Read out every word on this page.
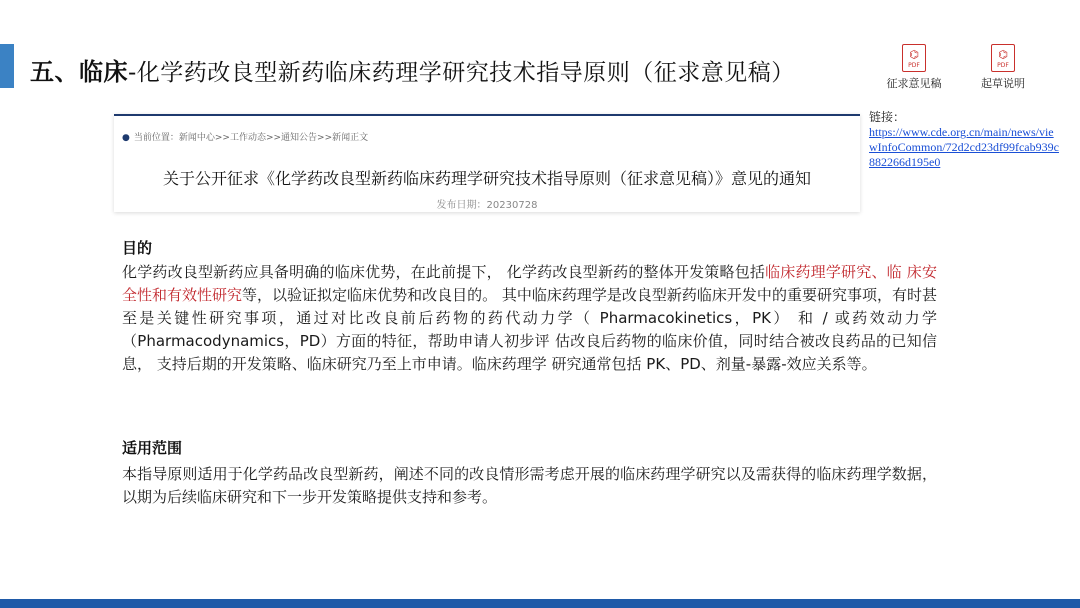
五、临床-化学药改良型新药临床药理学研究技术指导原则（征求意见稿）
⌬
PDF
征求意见稿
⌬
PDF
起草说明
链接：
https://www.cde.org.cn/main/news/vie
wInfoCommon/72d2cd23df99fcab939c
882266d195e0
● 当前位置：新闻中心>>工作动态>>通知公告>>新闻正文
关于公开征求《化学药改良型新药临床药理学研究技术指导原则（征求意见稿）》意见的通知
发布日期：20230728
目的
化学药改良型新药应具备明确的临床优势，在此前提下， 化学药改良型新药的整体开发策略包括临床药理学研究、临 床安全性和有效性研究等，以验证拟定临床优势和改良目的。 其中临床药理学是改良型新药临床开发中的重要研究事项，有时甚至是关键性研究事项，通过对比改良前后药物的药代动力学（ Pharmacokinetics，PK） 和 / 或药效动力学 （Pharmacodynamics，PD）方面的特征，帮助申请人初步评 估改良后药物的临床价值，同时结合被改良药品的已知信息， 支持后期的开发策略、临床研究乃至上市申请。临床药理学 研究通常包括 PK、PD、剂量-暴露-效应关系等。
适用范围
本指导原则适用于化学药品改良型新药，阐述不同的改良情形需考虑开展的临床药理学研究以及需获得的临床药理学数据，以期为后续临床研究和下一步开发策略提供支持和参考。
